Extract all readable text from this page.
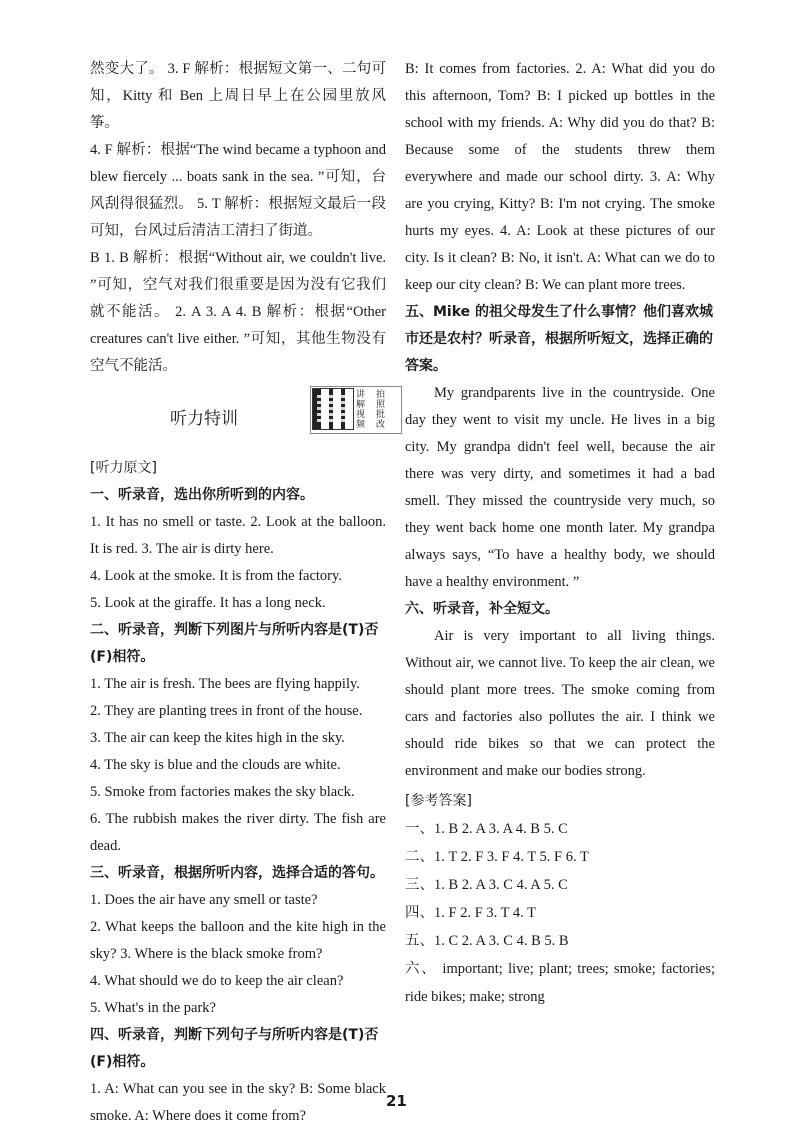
然变大了。 3. F 解析：根据短文第一、二句可知，Kitty 和 Ben 上周日早上在公园里放风筝。

4. F 解析：根据“The wind became a typhoon and blew fiercely ... boats sank in the sea. ”可知，台风刮得很猛烈。 5. T 解析：根据短文最后一段可知，台风过后清洁工清扫了街道。

B 1. B 解析：根据“Without air, we couldn't live. ”可知，空气对我们很重要是因为没有它我们就不能活。 2. A 3. A 4. B 解析：根据“Other creatures can't live either. ”可知，其他生物没有空气不能活。

听力特训
讲	拍
解	照
视	批
频	改

[听力原文]

一、听录音，选出你所听到的内容。

1. It has no smell or taste. 2. Look at the balloon. It is red. 3. The air is dirty here.

4. Look at the smoke. It is from the factory.

5. Look at the giraffe. It has a long neck.

二、听录音，判断下列图片与所听内容是(T)否(F)相符。

1. The air is fresh. The bees are flying happily.

2. They are planting trees in front of the house.

3. The air can keep the kites high in the sky.

4. The sky is blue and the clouds are white.

5. Smoke from factories makes the sky black.

6. The rubbish makes the river dirty. The fish are dead.

三、听录音，根据所听内容，选择合适的答句。

1. Does the air have any smell or taste?

2. What keeps the balloon and the kite high in the sky? 3. Where is the black smoke from?

4. What should we do to keep the air clean?

5. What's in the park?

四、听录音，判断下列句子与所听内容是(T)否(F)相符。

1. A: What can you see in the sky? B: Some black smoke. A: Where does it come from?

B: It comes from factories. 2. A: What did you do this afternoon, Tom? B: I picked up bottles in the school with my friends. A: Why did you do that? B: Because some of the students threw them everywhere and made our school dirty. 3. A: Why are you crying, Kitty? B: I'm not crying. The smoke hurts my eyes. 4. A: Look at these pictures of our city. Is it clean? B: No, it isn't. A: What can we do to keep our city clean? B: We can plant more trees.

五、Mike 的祖父母发生了什么事情？他们喜欢城市还是农村？听录音，根据所听短文，选择正确的答案。

My grandparents live in the countryside. One day they went to visit my uncle. He lives in a big city. My grandpa didn't feel well, because the air there was very dirty, and sometimes it had a bad smell. They missed the countryside very much, so they went back home one month later. My grandpa always says, “To have a healthy body, we should have a healthy environment. ”

六、听录音，补全短文。

Air is very important to all living things. Without air, we cannot live. To keep the air clean, we should plant more trees. The smoke coming from cars and factories also pollutes the air. I think we should ride bikes so that we can protect the environment and make our bodies strong.

[参考答案]

一、1. B 2. A 3. A 4. B 5. C

二、1. T 2. F 3. F 4. T 5. F 6. T

三、1. B 2. A 3. C 4. A 5. C

四、1. F 2. F 3. T 4. T

五、1. C 2. A 3. C 4. B 5. B

六、 important; live; plant; trees; smoke; factories; ride bikes; make; strong

21
